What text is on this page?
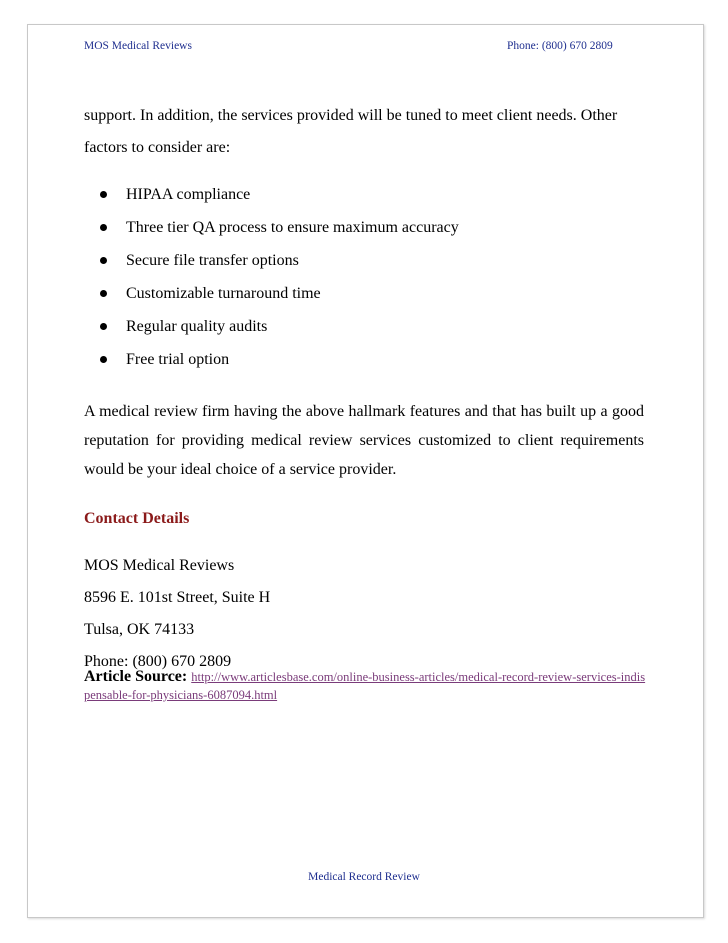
MOS Medical Reviews	Phone: (800) 670 2809
support. In addition, the services provided will be tuned to meet client needs. Other factors to consider are:
HIPAA compliance
Three tier QA process to ensure maximum accuracy
Secure file transfer options
Customizable turnaround time
Regular quality audits
Free trial option
A medical review firm having the above hallmark features and that has built up a good reputation for providing medical review services customized to client requirements would be your ideal choice of a service provider.
Contact Details
MOS Medical Reviews
8596 E. 101st Street, Suite H
Tulsa, OK 74133
Phone: (800) 670 2809
Article Source: http://www.articlesbase.com/online-business-articles/medical-record-review-services-indispensable-for-physicians-6087094.html
Medical Record Review
